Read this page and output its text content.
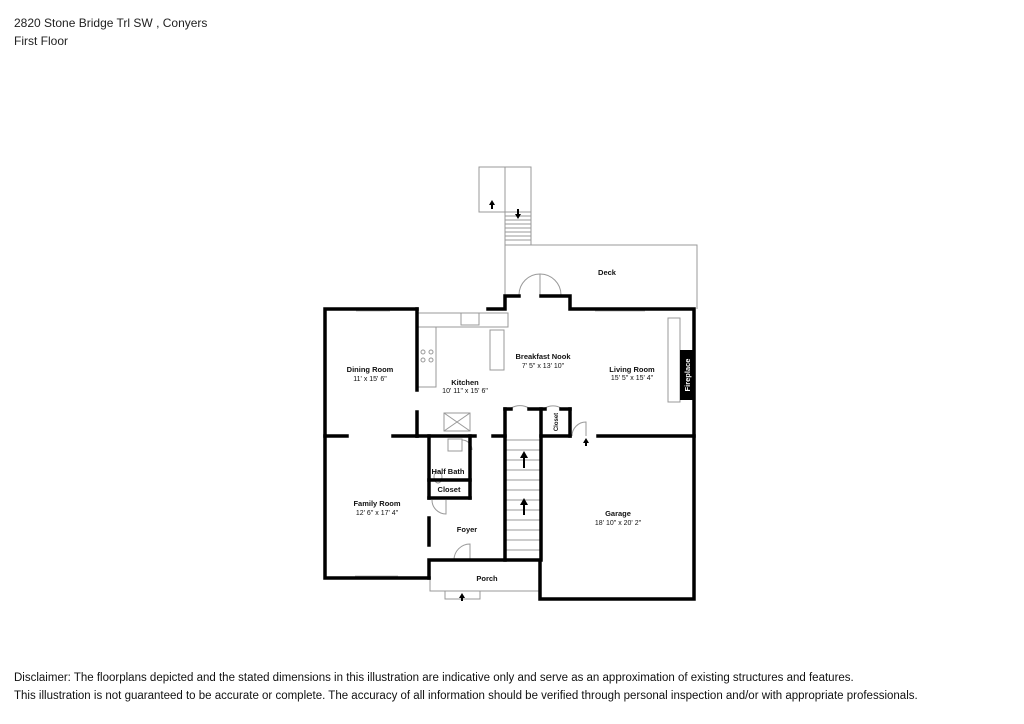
2820 Stone Bridge Trl SW , Conyers
First Floor
Deck
Dining Room
11' x 15' 6"	Kitchen
10' 11" x 15' 6"
Breakfast Nook
7' 5" x 13' 10"	Living Room
15' 5" x 15' 4"	Fireplace
Closet
Half Bath
Closet
Family Room
12' 6" x 17' 4"
Foyer
Garage
18' 10" x 20' 2"
Porch
Disclaimer: The floorplans depicted and the stated dimensions in this illustration are indicative only and serve as an approximation of existing structures and features.
This illustration is not guaranteed to be accurate or complete. The accuracy of all information should be verified through personal inspection and/or with appropriate professionals.
